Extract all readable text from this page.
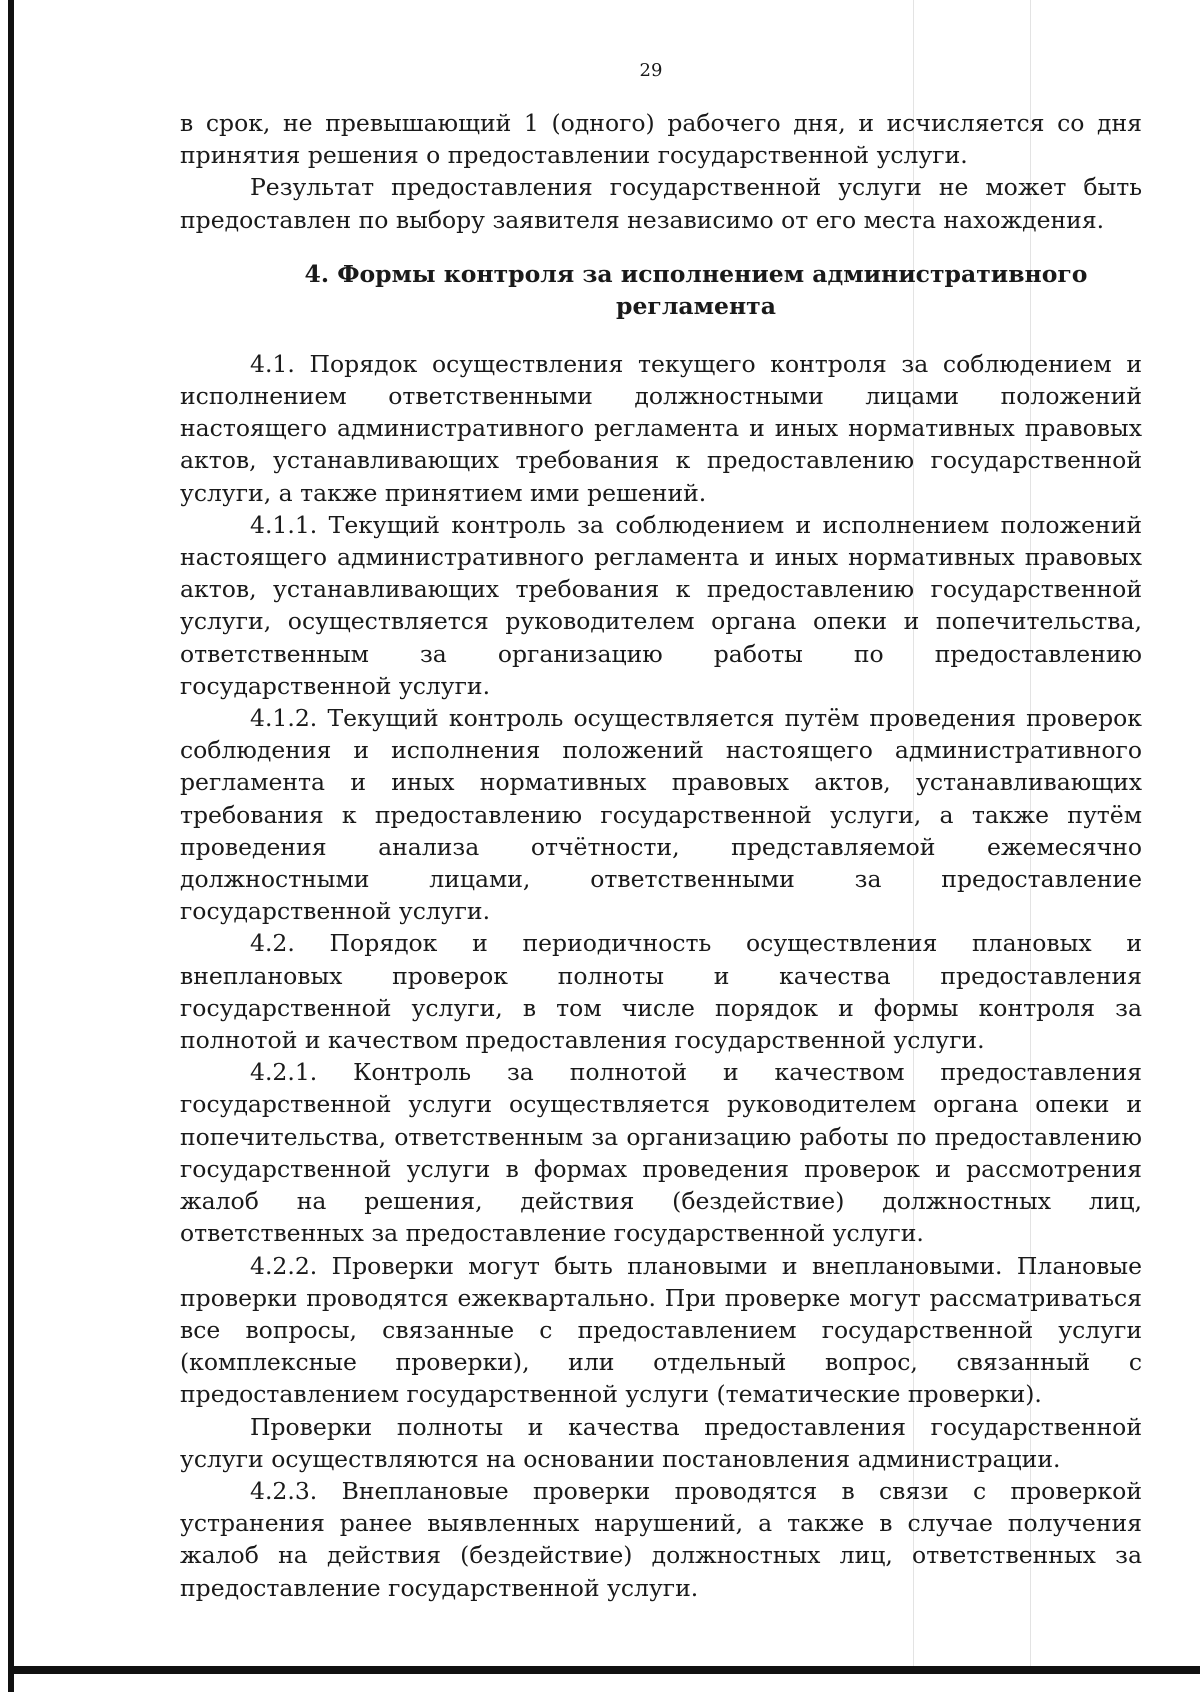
29

в срок, не превышающий 1 (одного) рабочего дня, и исчисляется со дня принятия решения о предоставлении государственной услуги.

Результат предоставления государственной услуги не может быть предоставлен по выбору заявителя независимо от его места нахождения.

4. Формы контроля за исполнением административного регламента

4.1. Порядок осуществления текущего контроля за соблюдением и исполнением ответственными должностными лицами положений настоящего административного регламента и иных нормативных правовых актов, устанавливающих требования к предоставлению государственной услуги, а также принятием ими решений.

4.1.1. Текущий контроль за соблюдением и исполнением положений настоящего административного регламента и иных нормативных правовых актов, устанавливающих требования к предоставлению государственной услуги, осуществляется руководителем органа опеки и попечительства, ответственным за организацию работы по предоставлению государственной услуги.

4.1.2. Текущий контроль осуществляется путём проведения проверок соблюдения и исполнения положений настоящего административного регламента и иных нормативных правовых актов, устанавливающих требования к предоставлению государственной услуги, а также путём проведения анализа отчётности, представляемой ежемесячно должностными лицами, ответственными за предоставление государственной услуги.

4.2. Порядок и периодичность осуществления плановых и внеплановых проверок полноты и качества предоставления государственной услуги, в том числе порядок и формы контроля за полнотой и качеством предоставления государственной услуги.

4.2.1. Контроль за полнотой и качеством предоставления государственной услуги осуществляется руководителем органа опеки и попечительства, ответственным за организацию работы по предоставлению государственной услуги в формах проведения проверок и рассмотрения жалоб на решения, действия (бездействие) должностных лиц, ответственных за предоставление государственной услуги.

4.2.2. Проверки могут быть плановыми и внеплановыми. Плановые проверки проводятся ежеквартально. При проверке могут рассматриваться все вопросы, связанные с предоставлением государственной услуги (комплексные проверки), или отдельный вопрос, связанный с предоставлением государственной услуги (тематические проверки).

Проверки полноты и качества предоставления государственной услуги осуществляются на основании постановления администрации.

4.2.3. Внеплановые проверки проводятся в связи с проверкой устранения ранее выявленных нарушений, а также в случае получения жалоб на действия (бездействие) должностных лиц, ответственных за предоставление государственной услуги.
